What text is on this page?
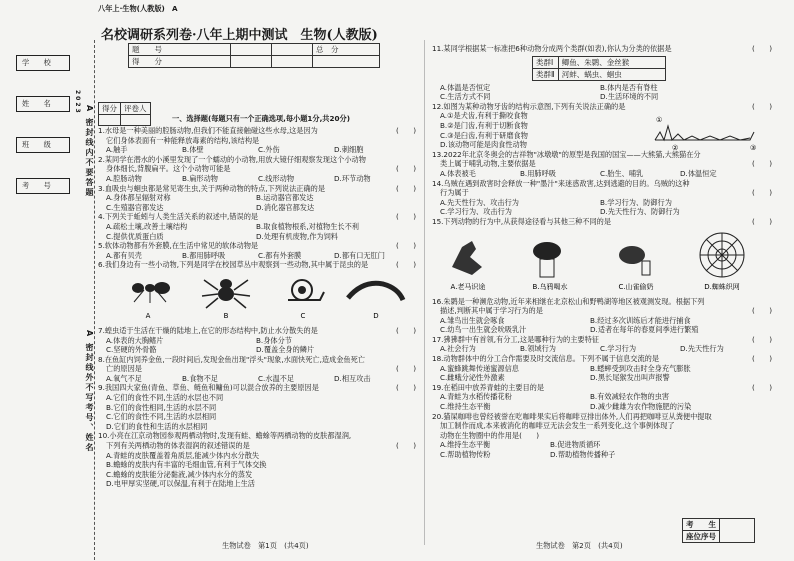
八年上·生物(人教版)　 A
学　　校
姓　　名
班　　级
考　　号
2023
A 密封线内不要答题
A 密封线外不写考号、姓名
名校调研系列卷·八年上期中测试　生物(人教版)
题　　号			总　分
得　　分			
得分	评卷人

一、选择题(每题只有一个正确选项,每小题1分,共20分)
1.水母是一种美丽的腔肠动物,但我们不能直接触碰这些水母,这是因为	(　　)
它们身体表面有一种能释放毒素的结构,该结构是
A.触手	B.体壁	C.外伤	D.刺细胞
2.某同学在潜水的小溪里发现了一个蠕动的小动物,用放大镜仔细观察发现这个小动物
身体细长,背腹扁平。这个小动物可能是	(　　)
A.腔肠动物	B.扁形动物	C.线形动物	D.环节动物
3.血吸虫与蛔虫都是常见寄生虫,关于两种动物的特点,下列说法正确的是	(　　)
A.身体都呈辐射对称	B.运动器官都发达
C.生殖器官都发达	D.消化器官都发达
4.下列关于蚯蚓与人类生活关系的叙述中,错误的是	(　　)
A.疏松土壤,改善土壤结构	B.取食植物根系,对植物生长不利
C.提供优质蛋白质	D.处理有机废物,作为饲料
5.软体动物都有外套膜,在生活中常见的软体动物是	(　　)
A.都有贝壳	B.都用肺呼吸	C.都有外套膜	D.都有口无肛门
6.我们身边有一些小动物,下列是同学在校园草丛中观察到一些动物,其中属于昆虫的是	(　　)
A	B	C	D
7.蝗虫适于生活在干燥的陆地上,在它的形态结构中,防止水分散失的是	(　　)
A.体表的大胸鳍片	B.身体分节
C.坚硬的外骨骼	D.覆盖全身的鳞片
8.在鱼缸内饲养金鱼,一段时间后,发现金鱼出现"浮头"现象,水面快死亡,造成金鱼死亡
亡的原因是	(　　)
A.氧气不足	B.食物不足	C.水温不足	D.相互攻击
9.我国四大家鱼(青鱼、草鱼、鲢鱼和鳙鱼)可以混合放养的主要原因是	(　　)
A.它们的食性不同,生活的水层也不同
B.它们的食性相同,生活的水层不同
C.它们的食性不同,生活的水层相同
D.它们的食性和生活的水层相同
10.小亮在江京动物园参观两栖动物时,发现有蛙、蟾蜍等两栖动物的皮肤都湿润,
下列有关两栖动物的体表湿润的叙述错误的是	(　　)
A.青蛙的皮肤覆盖着角质层,能减少体内水分散失
B.蟾蜍的皮肤内有丰富的毛细血管,有利于气体交换
C.蟾蜍的皮肤能分泌黏液,减少体内水分的蒸发
D.电甲厚实坚硬,可以保温,有利于在陆地上生活
生物试卷　第1页　(共4页)
11.某同学根据某一标准把6种动物分成两个类群(如表),你认为分类的依据是	(　　)
类群Ⅰ	鲫鱼、朱鹮、金丝猴
类群Ⅱ	河蚌、蜗虫、蛔虫
A.体温是否恒定	B.体内是否有脊柱
C.生活方式不同	D.生活环境的不同
12.如图为某种动物牙齿的结构示意图,下列有关说法正确的是	(　　)
A.①是犬齿,有利于撕咬食物
B.②是门齿,有利于切断食物
C.③是臼齿,有利于研磨食物
D.该动物可能是肉食性动物
①
②	③
13.2022年北京冬奥会的吉祥物"冰墩墩"的原型是我国的国宝——大熊猫,大熊猫在分
类上属于哺乳动物,主要依据是	(　　)
A.体表被毛	B.用肺呼吸	C.胎生、哺乳	D.体温恒定
14.乌贼在遇到敌害时会释放一种"墨汁"来迷惑敌害,达到逃避的目的。乌贼的这种
行为属于	(　　)
A.先天性行为、攻击行为	B.学习行为、防御行为
C.学习行为、攻击行为	D.先天性行为、防御行为
15.下列动物的行为中,从获得途径看与其他三种不同的是	(　　)
A.老马识途	B.乌鸦喝水	C.山雀偷奶	D.蜘蛛织网
16.朱鹮是一种濒危动物,近年来相继在北京松山和野鸭湖等地区被观测发现。根据下列
描述,判断其中属于学习行为的是	(　　)
A.雏鸟出生就会啄食	B.经过多次训练后才能进行捕食
C.幼鸟一出生就会吮吸乳汁	D.适者在每年的春夏间季进行繁殖
17.狒狒群中有首领,有分工,这是哪种行为的主要特征	(　　)
A.社会行为	B.领域行为	C.学习行为	D.先天性行为
18.动物群体中的分工合作需要及时交流信息。下列不属于信息交流的是	(　　)
A.蜜蜂跳舞传递蜜源信息	B.蟋蟀受到攻击时全身充气膨胀
C.雌蛾分泌性外激素	D.黑长尾猴发出叫声报警
19.在稻田中放养青蛙的主要目的是	(　　)
A.青蛙为水稻传播花粉	B.有效减轻农作物的虫害
C.维持生态平衡	D.减少雌雄为农作物施肥的污染
20.猫屎咖啡也曾经被誉在吃咖啡果实后将咖啡豆排出体外,人们再把咖啡豆从粪便中提取
加工制作而成,本来被消化的咖啡豆无法会发生一系列变化,这个事例体现了动物在生物圈中的作用是(　　)
A.维持生态平衡	B.促进物质循环
C.帮助植物传粉	D.帮助植物传播种子
考　　生	
座位序号
生物试卷　第2页　(共4页)
